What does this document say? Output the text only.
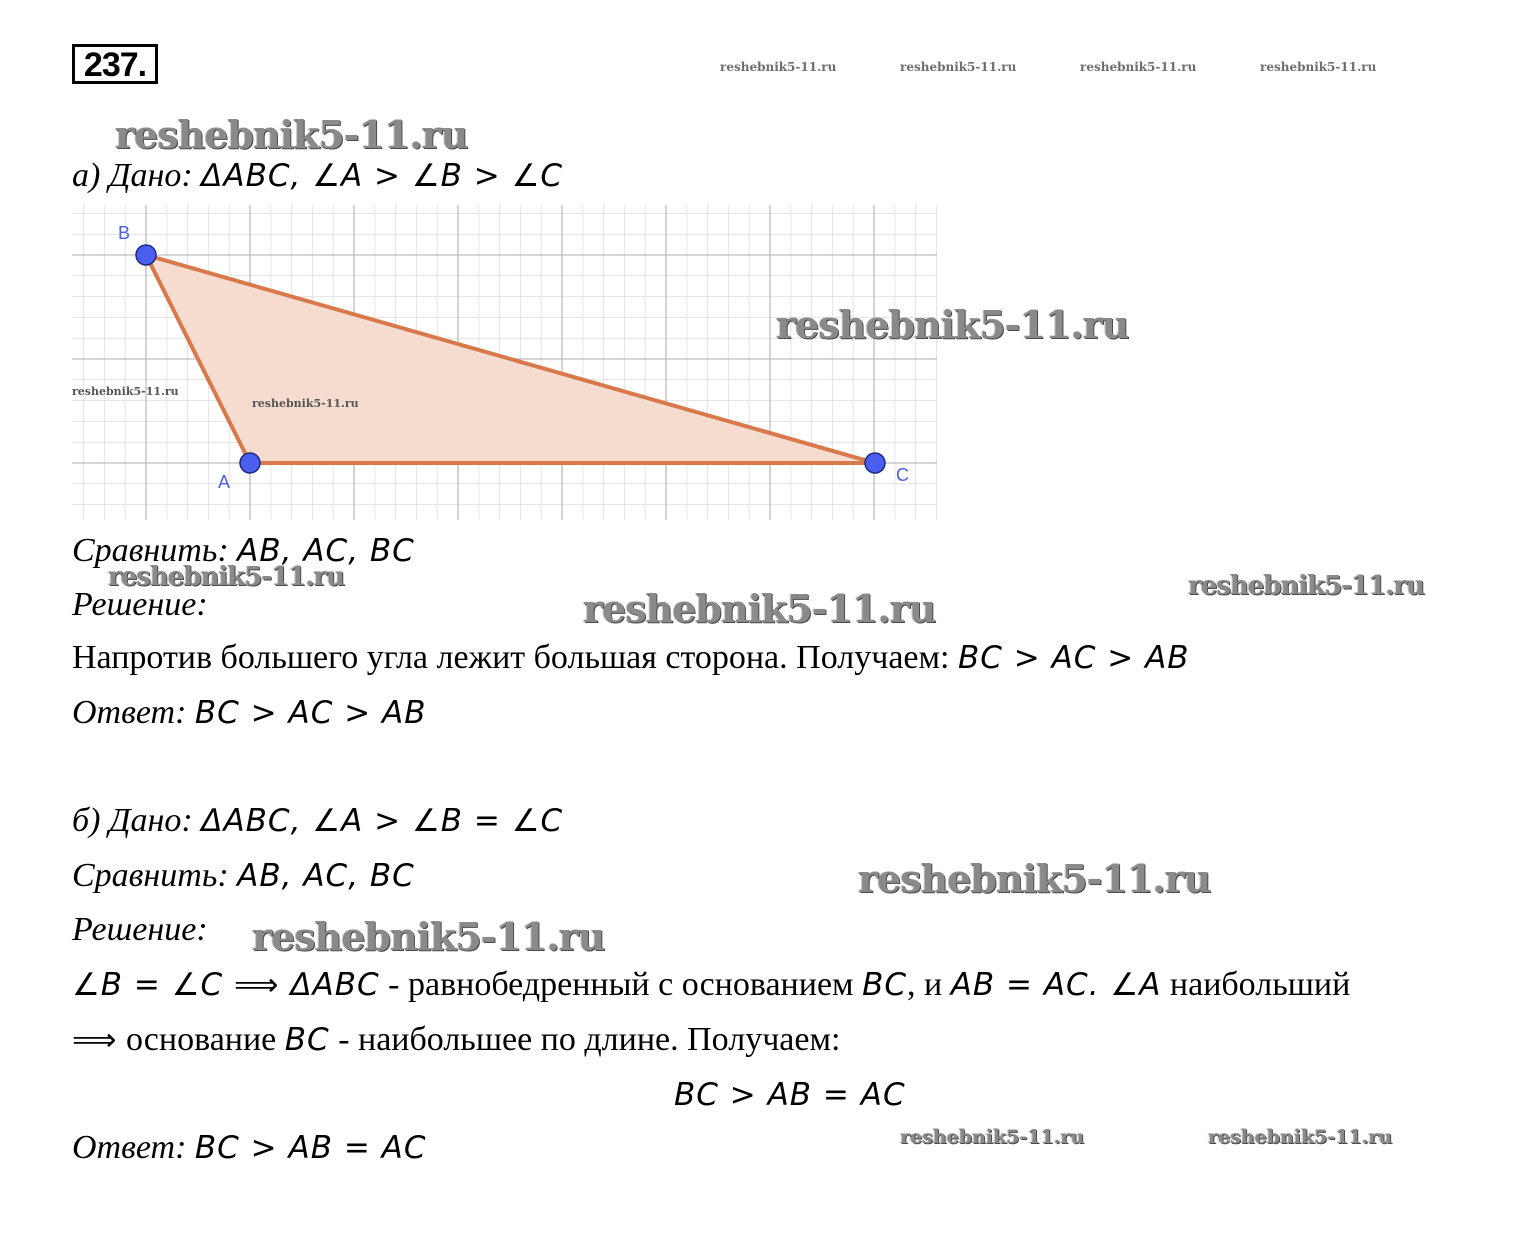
237.	reshebnik5-11.ru	reshebnik5-11.ru	reshebnik5-11.ru	reshebnik5-11.ru
reshebnik5-11.ru
а) Дано: ΔABC, ∠A > ∠B > ∠C
B
A	C
reshebnik5-11.ru
reshebnik5-11.ru
reshebnik5-11.ru
Сравнить: AB, AC, BC
reshebnik5-11.ru
Решение:	reshebnik5-11.ru	reshebnik5-11.ru
Напротив большего угла лежит большая сторона. Получаем: BC > AC > AB
Ответ: BC > AC > AB
б) Дано: ΔABC, ∠A > ∠B = ∠C
Сравнить: AB, AC, BC	reshebnik5-11.ru
Решение: reshebnik5-11.ru
∠B = ∠C ⟹ ΔABC - равнобедренный с основанием BC, и AB = AC. ∠A наибольший
⟹ основание BC - наибольшее по длине. Получаем:
BC > AB = AC
Ответ: BC > AB = AC	reshebnik5-11.ru	reshebnik5-11.ru
